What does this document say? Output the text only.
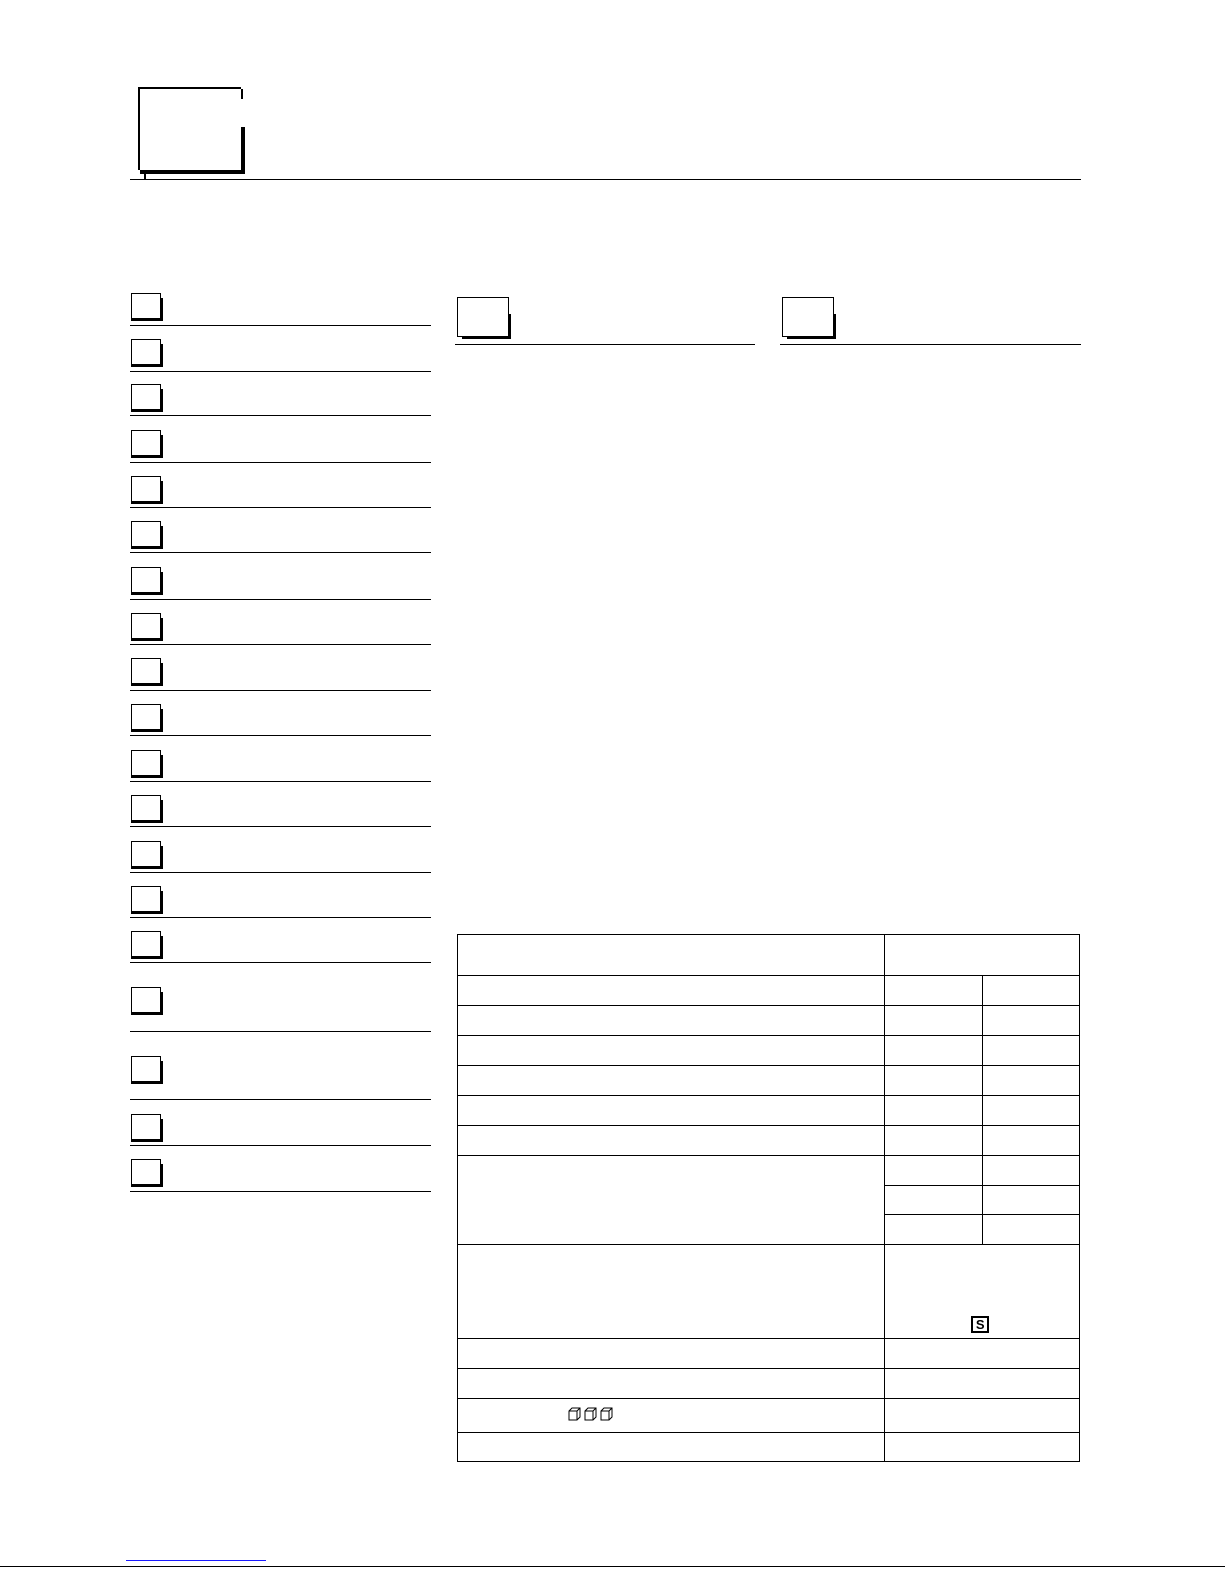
	S	
